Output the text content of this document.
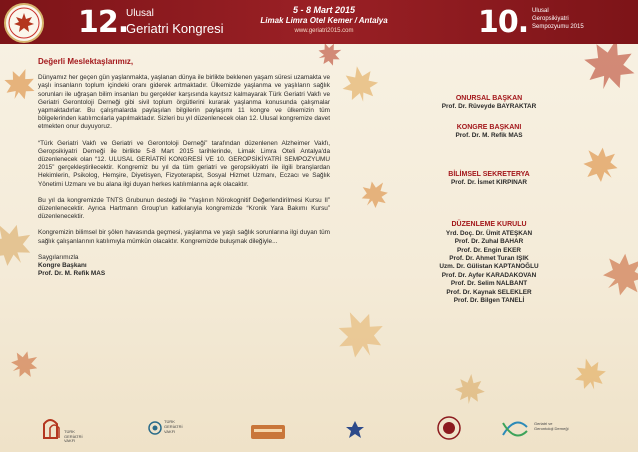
12.
Ulusal
Geriatri Kongresi
5 - 8 Mart 2015
Limak Limra Otel Kemer / Antalya
www.geriatri2015.com	10. Ulusal
Geropsikiyatri
Sempozyumu 2015
Değerli Meslektaşlarımız,

Dünyamız her geçen gün yaşlanmakta, yaşlanan dünya ile birlikte beklenen yaşam süresi uzamakta ve yaşlı insanların toplum içindeki oranı giderek artmaktadır. Ülkemizde yaşlanma ve yaşlıların sağlık sorunları ile uğraşan bilim insanları bu gerçekler karşısında kayıtsız kalmayarak Türk Geriatri Vakfı ve Geriatri Gerontoloji Derneği gibi sivil toplum örgütlerini kurarak yaşlanma konusunda çalışmalar yapmaktadırlar. Bu çalışmalarda paylaşılan bilgilerin paylaşımı 11 kongre ve ülkemizin tüm bölgelerinden katılımcılarla yapılmaktadır. Sizleri bu yıl düzenlenecek olan 12. Ulusal kongremize davet etmekten onur duyuyoruz.

“Türk Geriatri Vakfı ve Geriatri ve Gerontoloji Derneği” tarafından düzenlenen Alzheimer Vakfı, Geropsikiyatri Derneği ile birlikte 5-8 Mart 2015 tarihlerinde, Limak Limra Oteli Antalya'da düzenlenecek olan “12. ULUSAL GERİATRİ KONGRESİ VE 10. GEROPSİKİYATRİ SEMPOZYUMU 2015” gerçekleştirilecektir. Kongremiz bu yıl da tüm geriatri ve geropsikiyatri ile ilgili branşlardan Hekimlerin, Psikolog, Hemşire, Diyetisyen, Fizyoterapist, Sosyal Hizmet Uzmanı, Eczacı ve Sağlık Yönetimi Uzmanı ve bu alana ilgi duyan herkes katılımlarına açık olacaktır.

Bu yıl da kongremizde TNTS Grubunun desteği ile “Yaşlının Nörokognitif Değerlendirilmesi Kursu II” düzenlenecektir. Ayrıca Hartmann Group'un katkılarıyla kongremizde “Kronik Yara Bakımı Kursu” düzenlenecektir.

Kongremizin bilimsel bir şölen havasında geçmesi, yaşlanma ve yaşlı sağlık sorunlarına ilgi duyan tüm sağlık çalışanlarının katılımıyla mümkün olacaktır. Kongremizde buluşmak dileğiyle...

Saygılarımızla
Kongre Başkanı
Prof. Dr. M. Refik MAS
ONURSAL BAŞKAN
Prof. Dr. Rüveyde BAYRAKTAR
KONGRE BAŞKANI
Prof. Dr. M. Refik MAS
BİLİMSEL SEKRETERYA
Prof. Dr. İsmet KIRPINAR
DÜZENLEME KURULU
Yrd. Doç. Dr. Ümit ATEŞKAN
Prof. Dr. Zuhal BAHAR
Prof. Dr. Engin EKER
Prof. Dr. Ahmet Turan IŞIK
Uzm. Dr. Gülistan KAPTANOĞLU
Prof. Dr. Ayfer KARADAKOVAN
Prof. Dr. Selim NALBANT
Prof. Dr. Kaynak SELEKLER
Prof. Dr. Bilgen TANELİ
TÜRK GERİATRİ VAKFI
TÜRK
GERİATRİ
VAKFI
Geriatri ve
Gerontoloji Derneği
